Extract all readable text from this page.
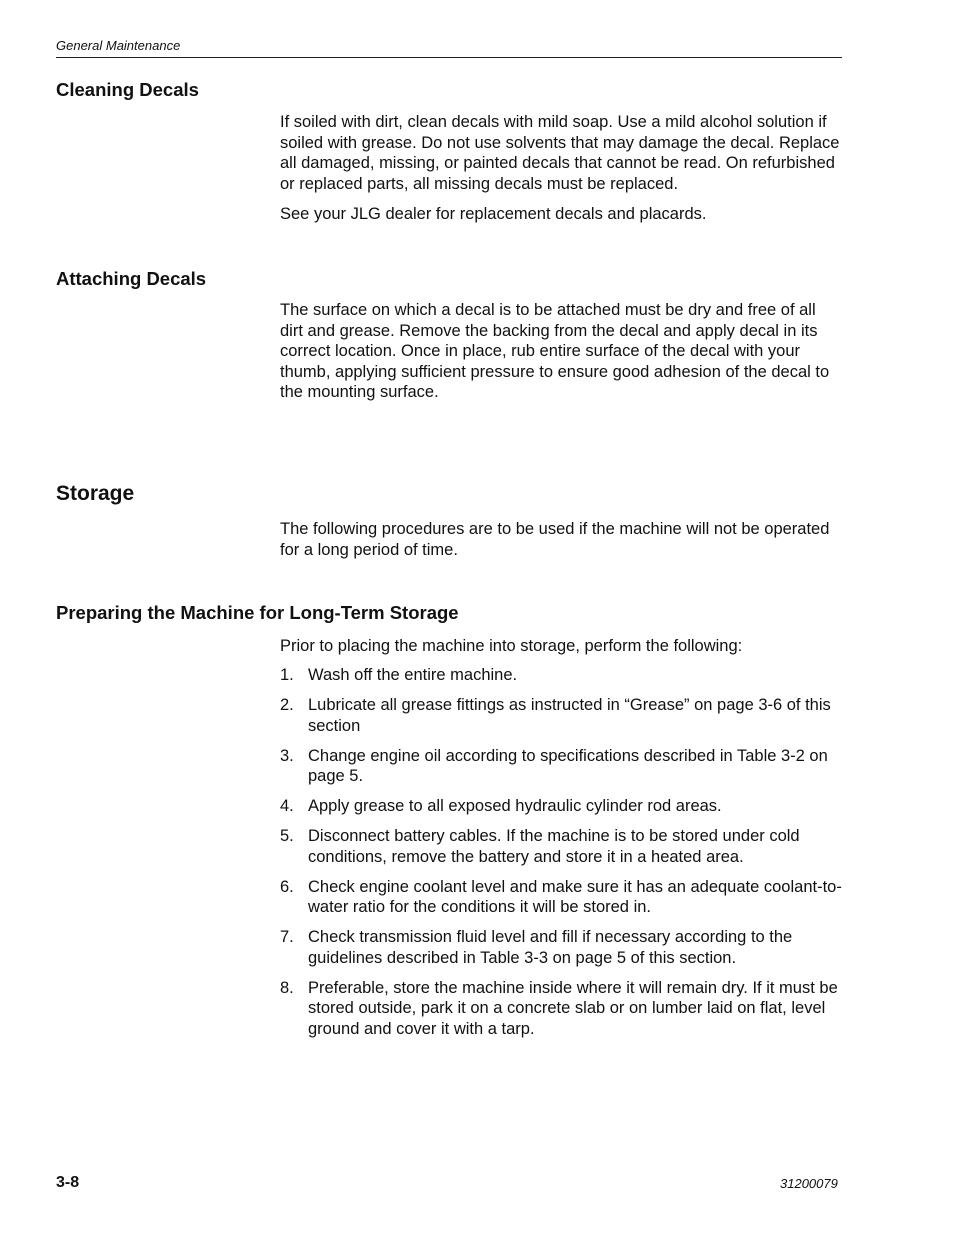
General Maintenance
Cleaning Decals

If soiled with dirt, clean decals with mild soap. Use a mild alcohol solution if soiled with grease. Do not use solvents that may damage the decal. Replace all damaged, missing, or painted decals that cannot be read. On refurbished or replaced parts, all missing decals must be replaced.

See your JLG dealer for replacement decals and placards.

Attaching Decals

The surface on which a decal is to be attached must be dry and free of all dirt and grease. Remove the backing from the decal and apply decal in its correct location. Once in place, rub entire surface of the decal with your thumb, applying sufficient pressure to ensure good adhesion of the decal to the mounting surface.

Storage

The following procedures are to be used if the machine will not be operated for a long period of time.

Preparing the Machine for Long-Term Storage

Prior to placing the machine into storage, perform the following:

1. Wash off the entire machine.
2. Lubricate all grease fittings as instructed in “Grease” on page 3-6 of this section
3. Change engine oil according to specifications described in Table 3-2 on page 5.
4. Apply grease to all exposed hydraulic cylinder rod areas.
5. Disconnect battery cables. If the machine is to be stored under cold conditions, remove the battery and store it in a heated area.
6. Check engine coolant level and make sure it has an adequate coolant-to-water ratio for the conditions it will be stored in.
7. Check transmission fluid level and fill if necessary according to the guidelines described in Table 3-3 on page 5 of this section.
8. Preferable, store the machine inside where it will remain dry. If it must be stored outside, park it on a concrete slab or on lumber laid on flat, level ground and cover it with a tarp.
3-8	31200079
